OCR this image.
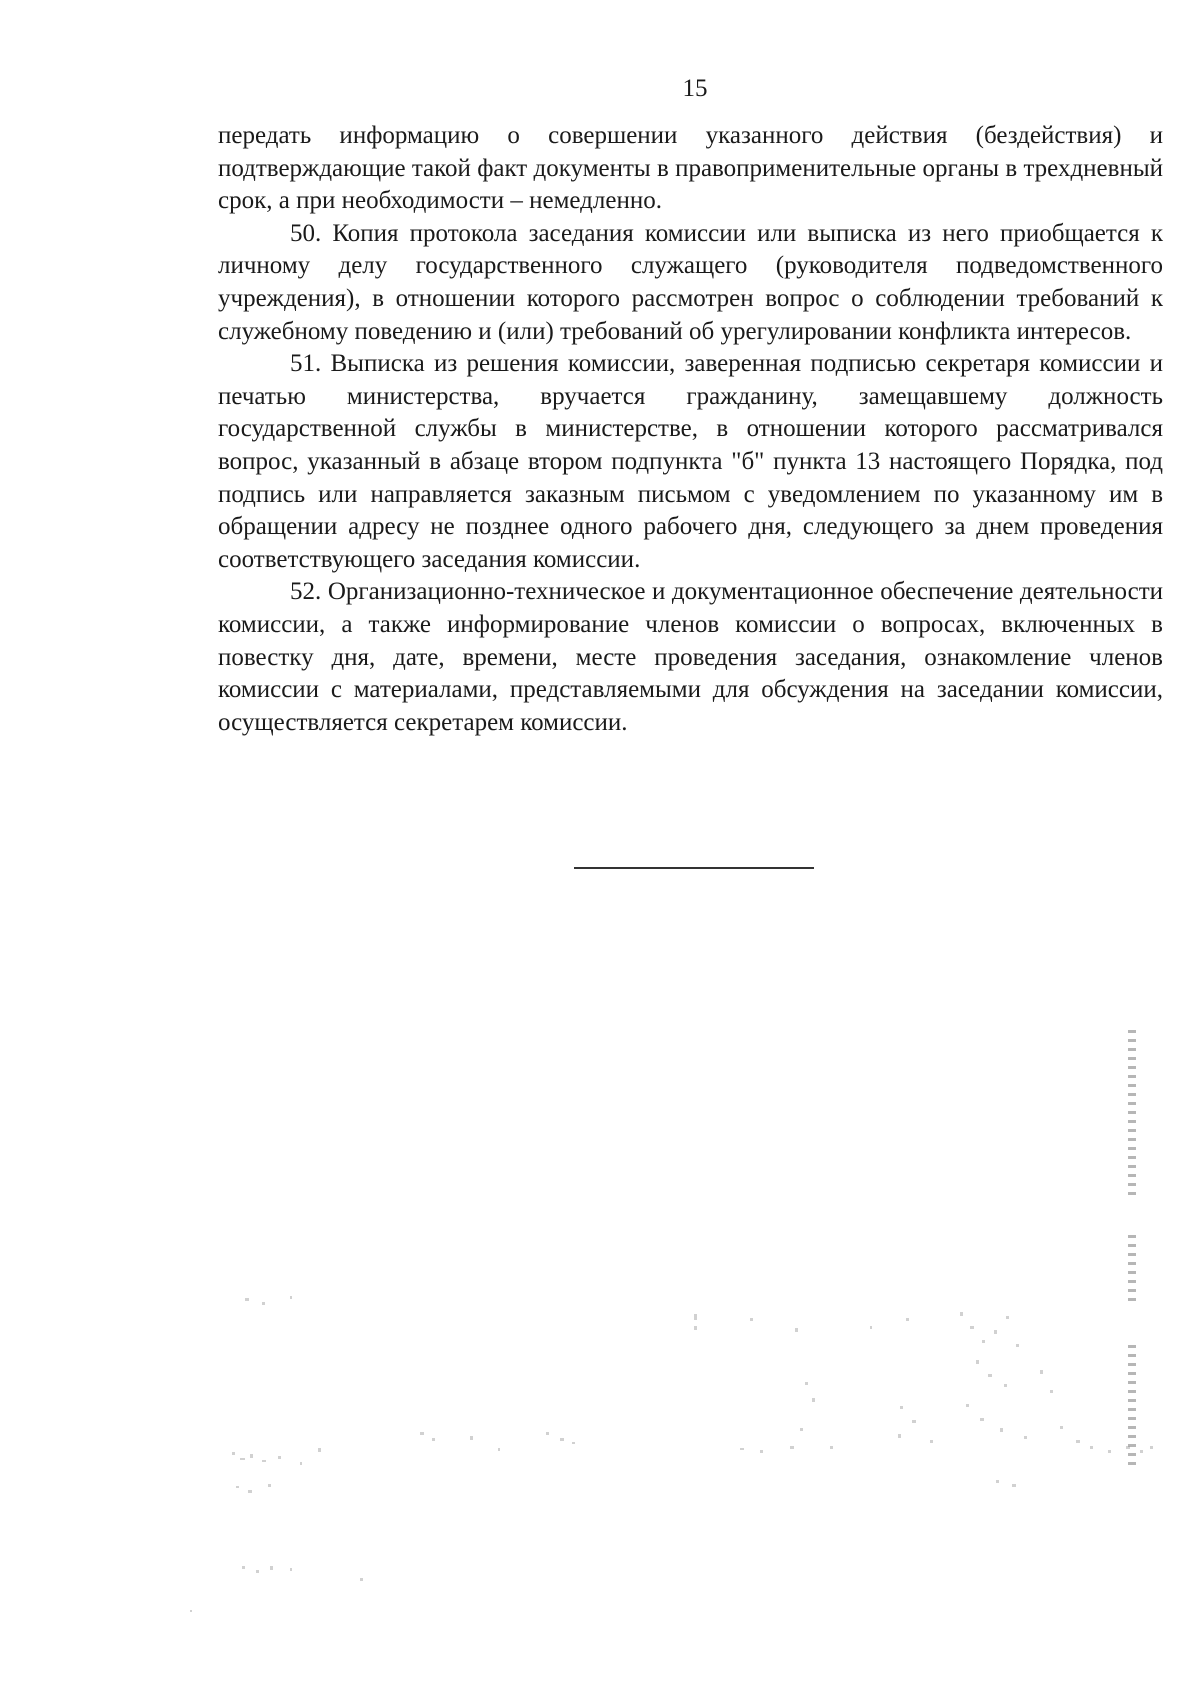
15

передать информацию о совершении указанного действия (бездействия) и подтверждающие такой факт документы в правоприменительные органы в трехдневный срок, а при необходимости – немедленно.

50. Копия протокола заседания комиссии или выписка из него приобщается к личному делу государственного служащего (руководителя подведомственного учреждения), в отношении которого рассмотрен вопрос о соблюдении требований к служебному поведению и (или) требований об урегулировании конфликта интересов.

51. Выписка из решения комиссии, заверенная подписью секретаря комиссии и печатью министерства, вручается гражданину, замещавшему должность государственной службы в министерстве, в отношении которого рассматривался вопрос, указанный в абзаце втором подпункта "б" пункта 13 настоящего Порядка, под подпись или направляется заказным письмом с уведомлением по указанному им в обращении адресу не позднее одного рабочего дня, следующего за днем проведения соответствующего заседания комиссии.

52. Организационно-техническое и документационное обеспечение деятельности комиссии, а также информирование членов комиссии о вопросах, включенных в повестку дня, дате, времени, месте проведения заседания, ознакомление членов комиссии с материалами, представляемыми для обсуждения на заседании комиссии, осуществляется секретарем комиссии.
